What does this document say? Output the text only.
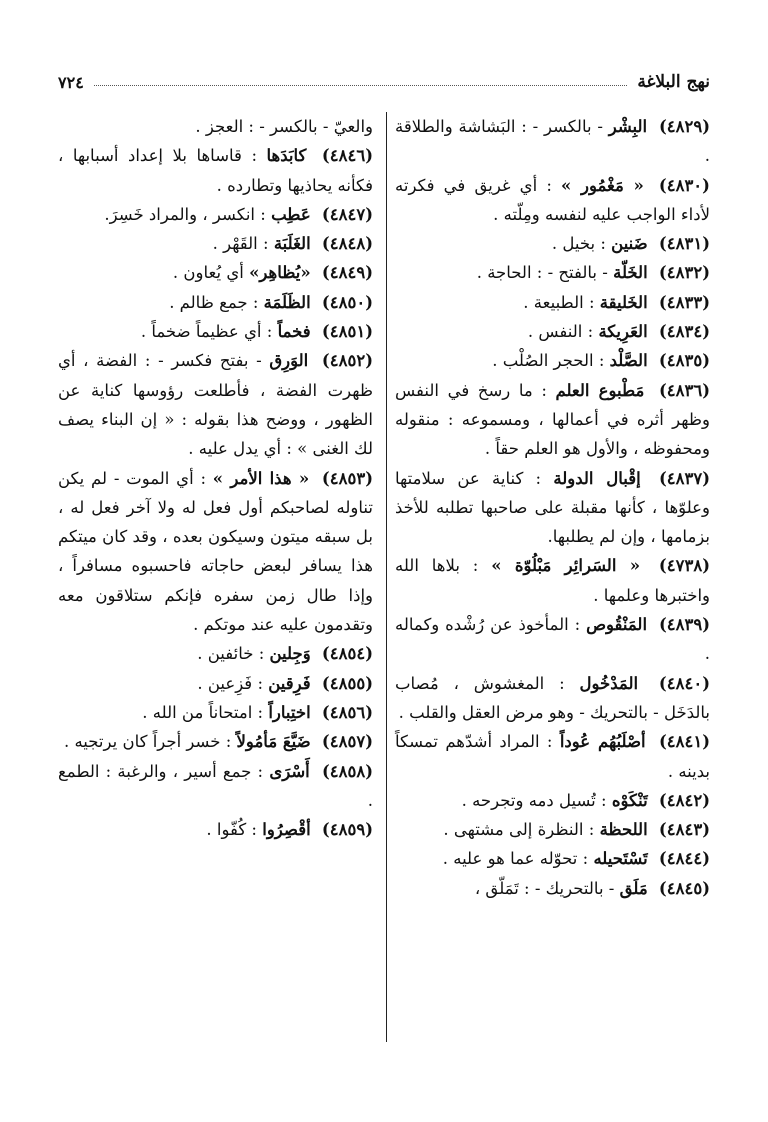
٧٢٤	نهج البلاغة

(٤٨٢٩) البِشْر - بالكسر - : البَشاشة والطلاقة .

(٤٨٣٠) « مَغْمُور » : أي غريق في فكرته لأداء الواجب عليه لنفسه ومِلّته .

(٤٨٣١) ضَنين : بخيل .

(٤٨٣٢) الخَلّة - بالفتح - : الحاجة .

(٤٨٣٣) الخَليقة : الطبيعة .

(٤٨٣٤) العَرِيكة : النفس .

(٤٨٣٥) الصَّلْد : الحجر الصُلْب .

(٤٨٣٦) مَطْبوع العلم : ما رسخ في النفس وظهر أثره في أعمالها ، ومسموعه : منقوله ومحفوظه ، والأول هو العلم حقاً .

(٤٨٣٧) إقْبال الدولة : كناية عن سلامتها وعلوّها ، كأنها مقبلة على صاحبها تطلبه للأخذ بزمامها ، وإن لم يطلبها.

(٤٧٣٨) « السَرائِر مَبْلُوّة » : بلاها الله واختبرها وعلمها .

(٤٨٣٩) المَنْقُوص : المأخوذ عن رُشْده وكماله .

(٤٨٤٠) المَدْخُول : المغشوش ، مُصاب بالدَخَل - بالتحريك - وهو مرض العقل والقلب .

(٤٨٤١) أصْلَبُهُم عُوداً : المراد أشدّهم تمسكاً بدينه .

(٤٨٤٢) تَنْكَوْه : تُسيل دمه وتجرحه .

(٤٨٤٣) اللحظة : النظرة إلى مشتهى .

(٤٨٤٤) تَسْتَحيله : تحوّله عما هو عليه .

(٤٨٤٥) مَلَق - بالتحريك - : تَمَلّق ،

والعيّ - بالكسر - : العجز .

(٤٨٤٦) كابَدَها : قاساها بلا إعداد أسبابها ، فكأنه يحاذيها وتطارده .

(٤٨٤٧) عَطِب : انكسر ، والمراد خَسِرَ.

(٤٨٤٨) الغَلَبَة : القَهْر .

(٤٨٤٩) «يُظاهِر» أي يُعاون .

(٤٨٥٠) الظَلَمَة : جمع ظالم .

(٤٨٥١) فخماً : أي عظيماً ضخماً .

(٤٨٥٢) الوَرِق - بفتح فكسر - : الفضة ، أي ظهرت الفضة ، فأطلعت رؤوسها كناية عن الظهور ، ووضح هذا بقوله : « إن البناء يصف لك الغنى » : أي يدل عليه .

(٤٨٥٣) « هذا الأمر » : أي الموت - لم يكن تناوله لصاحبكم أول فعل له ولا آخر فعل له ، بل سبقه ميتون وسيكون بعده ، وقد كان ميتكم هذا يسافر لبعض حاجاته فاحسبوه مسافراً ، وإذا طال زمن سفره فإنكم ستلاقون معه وتقدمون عليه عند موتكم .

(٤٨٥٤) وَجِلين : خائفين .

(٤٨٥٥) فَرِقين : فَزِعين .

(٤٨٥٦) اختِباراً : امتحاناً من الله .

(٤٨٥٧) ضَيَّعَ مَأمُولاً : خسر أجراً كان يرتجيه .

(٤٨٥٨) أَسْرَى : جمع أسير ، والرغبة : الطمع .

(٤٨٥٩) أقْصِرُوا : كُفّوا .
